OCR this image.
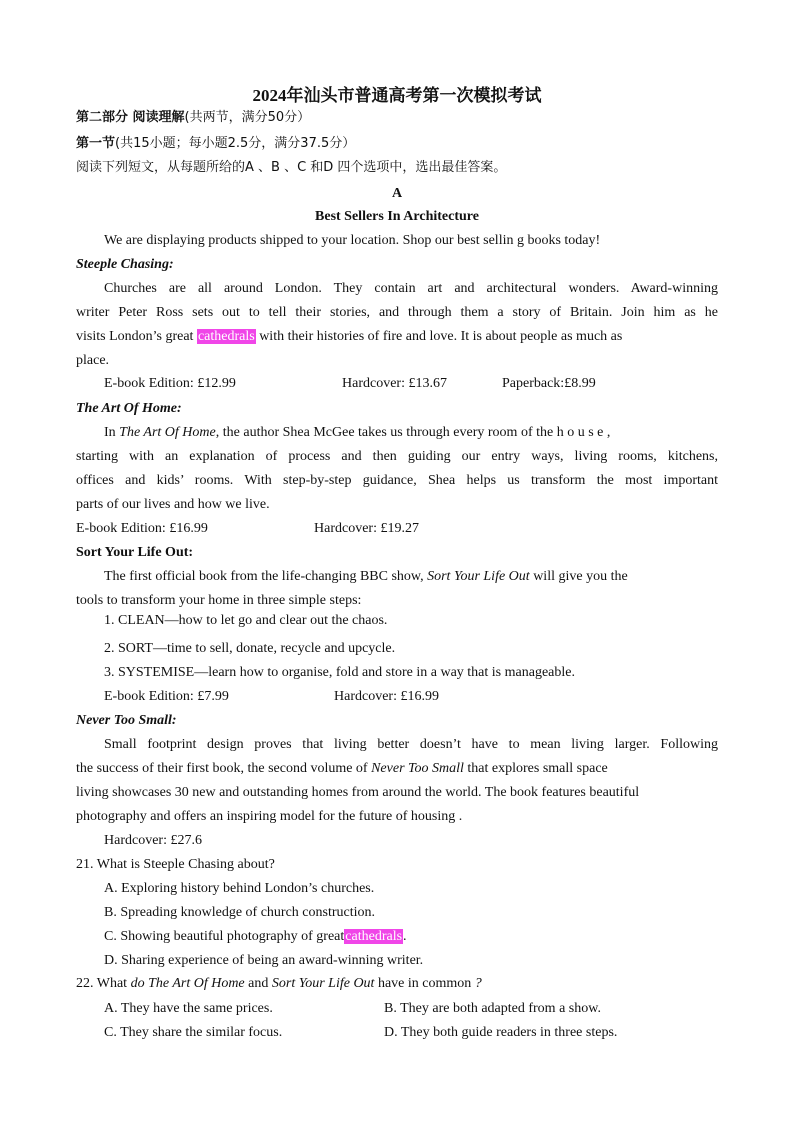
2024年汕头市普通高考第一次模拟考试
第二部分 阅读理解(共两节，满分50分）
第一节(共15小题；每小题2.5分，满分37.5分）
阅读下列短文，从每题所给的A 、B 、C 和D 四个选项中，选出最佳答案。
A
Best Sellers In Architecture
We are displaying products shipped to your location. Shop our best sellin g books today!
Steeple Chasing:
Churches are all around London. They contain art and architectural wonders. Award-winning
writer Peter Ross sets out to tell their stories, and through them a story of Britain. Join him as he
visits London’s great cathedrals with their histories of fire and love. It is about people as much as
place.
E-book Edition: £12.99	Hardcover: £13.67	Paperback:£8.99
The Art Of Home:
In The Art Of Home, the author Shea McGee takes us through every room of the h o u s e ,
starting with an explanation of process and then guiding our entry ways, living rooms, kitchens,
offices and kids’ rooms. With step-by-step guidance, Shea helps us transform the most important
parts of our lives and how we live.
E-book Edition: £16.99	Hardcover: £19.27
Sort Your Life Out:
The first official book from the life-changing BBC show, Sort Your Life Out will give you the
tools to transform your home in three simple steps:
1. CLEAN—how to let go and clear out the chaos.
2. SORT—time to sell, donate, recycle and upcycle.
3. SYSTEMISE—learn how to organise, fold and store in a way that is manageable.
E-book Edition: £7.99	Hardcover: £16.99
Never Too Small:
Small footprint design proves that living better doesn’t have to mean living larger. Following
the success of their first book, the second volume of Never Too Small that explores small space
living showcases 30 new and outstanding homes from around the world. The book features beautiful
photography and offers an inspiring model for the future of housing .
Hardcover: £27.6
21. What is Steeple Chasing about?
A. Exploring history behind London’s churches.
B. Spreading knowledge of church construction.
C. Showing beautiful photography of greatcathedrals.
D. Sharing experience of being an award-winning writer.
22. What do The Art Of Home and Sort Your Life Out have in common ?
A. They have the same prices.	B. They are both adapted from a show.
C. They share the similar focus.	D. They both guide readers in three steps.
